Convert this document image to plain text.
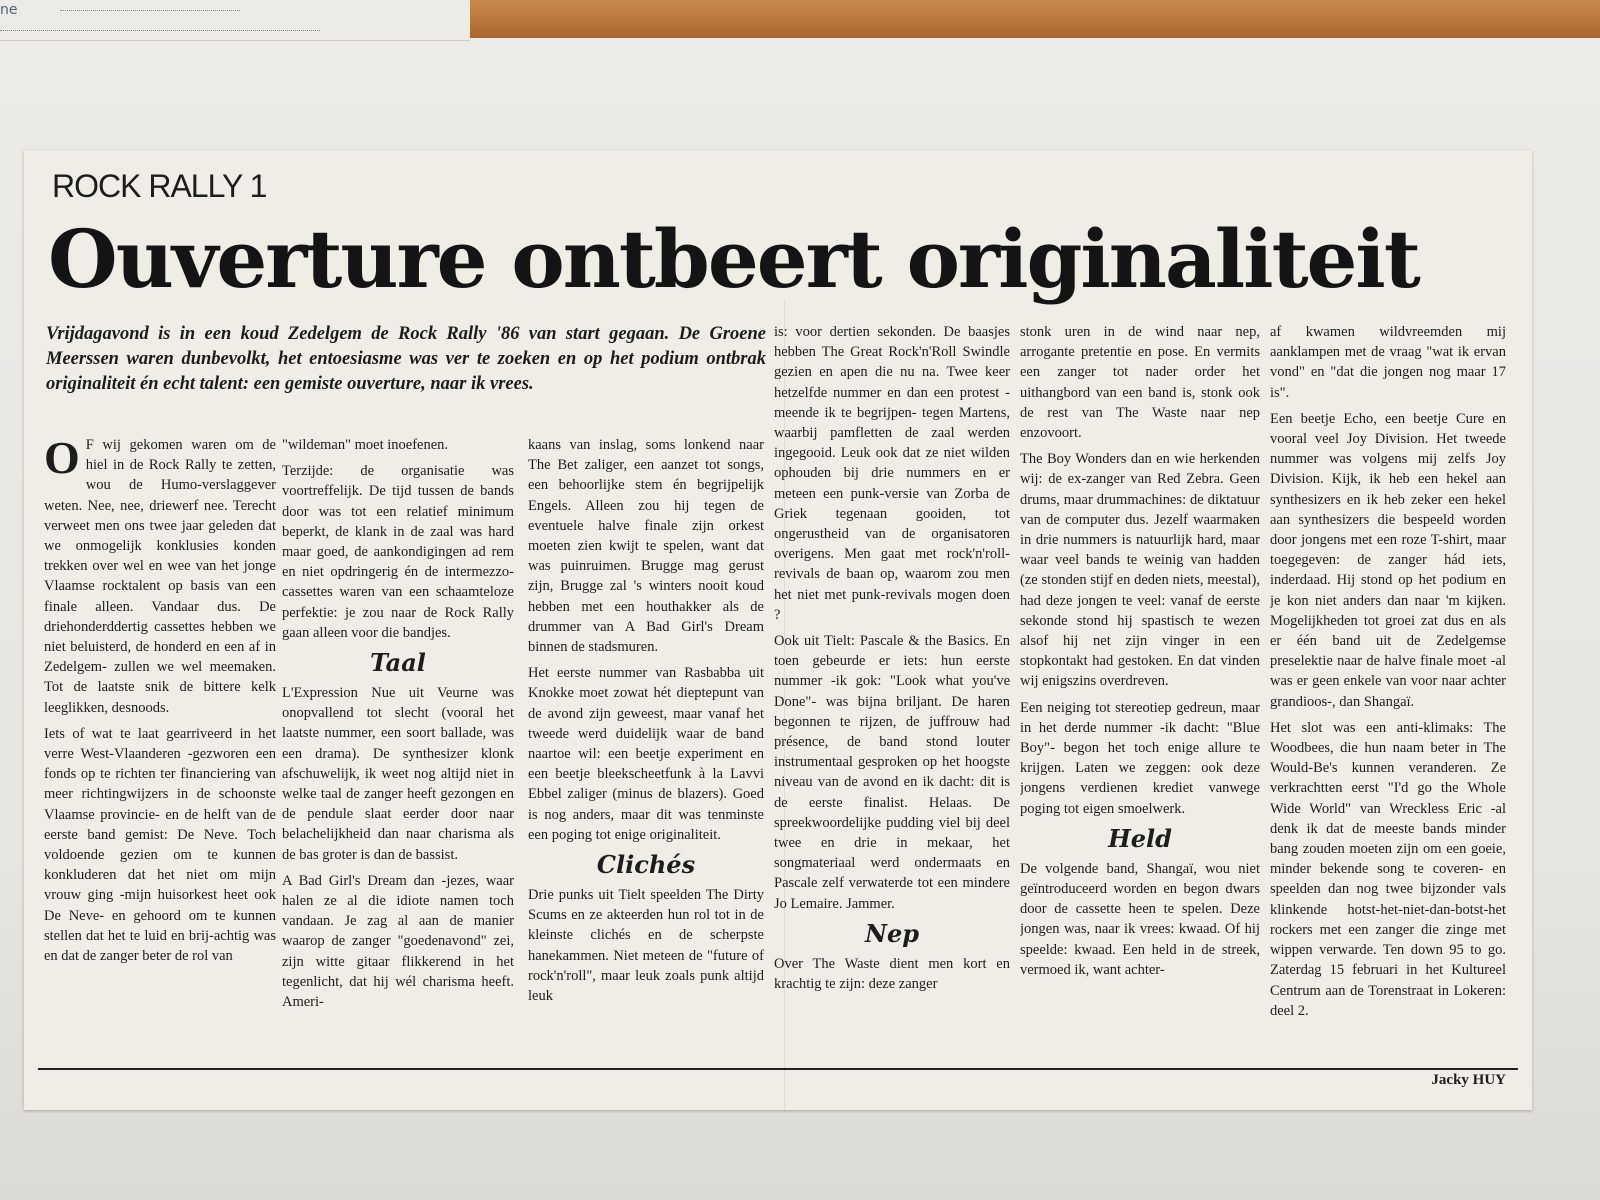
ne
ROCK RALLY 1
Ouverture ontbeert originaliteit
Vrijdagavond is in een koud Zedelgem de Rock Rally '86 van start gegaan. De Groene Meerssen waren dunbevolkt, het entoesiasme was ver te zoeken en op het podium ontbrak originaliteit én echt talent: een gemiste ouverture, naar ik vrees.

O F wij gekomen waren om de hiel in de Rock Rally te zetten, wou de Humo-verslaggever weten. Nee, nee, driewerf nee. Terecht verweet men ons twee jaar geleden dat we onmogelijk konklusies konden trekken over wel en wee van het jonge Vlaamse rocktalent op basis van een finale alleen. Vandaar dus. De driehonderddertig cassettes hebben we niet beluisterd, de honderd en een af in Zedelgem- zullen we wel meemaken. Tot de laatste snik de bittere kelk leeglikken, desnoods.

Iets of wat te laat gearriveerd in het verre West-Vlaanderen -gezworen een fonds op te richten ter financiering van meer richtingwijzers in de schoonste Vlaamse provincie- en de helft van de eerste band gemist: De Neve. Toch voldoende gezien om te kunnen konkluderen dat het niet om mijn vrouw ging -mijn huisorkest heet ook De Neve- en gehoord om te kunnen stellen dat het te luid en brij-achtig was en dat de zanger beter de rol van

"wildeman" moet inoefenen.

Terzijde: de organisatie was voortreffelijk. De tijd tussen de bands door was tot een relatief minimum beperkt, de klank in de zaal was hard maar goed, de aankondigingen ad rem en niet opdringerig én de intermezzo-cassettes waren van een schaamteloze perfektie: je zou naar de Rock Rally gaan alleen voor die bandjes.

Taal

L'Expression Nue uit Veurne was onopvallend tot slecht (vooral het laatste nummer, een soort ballade, was een drama). De synthesizer klonk afschuwelijk, ik weet nog altijd niet in welke taal de zanger heeft gezongen en de pendule slaat eerder door naar belachelijkheid dan naar charisma als de bas groter is dan de bassist.

A Bad Girl's Dream dan -jezes, waar halen ze al die idiote namen toch vandaan. Je zag al aan de manier waarop de zanger "goedenavond" zei, zijn witte gitaar flikkerend in het tegenlicht, dat hij wél charisma heeft. Ameri-

kaans van inslag, soms lonkend naar The Bet zaliger, een aanzet tot songs, een behoorlijke stem én begrijpelijk Engels. Alleen zou hij tegen de eventuele halve finale zijn orkest moeten zien kwijt te spelen, want dat was puinruimen. Brugge mag gerust zijn, Brugge zal 's winters nooit koud hebben met een houthakker als de drummer van A Bad Girl's Dream binnen de stadsmuren.

Het eerste nummer van Rasbabba uit Knokke moet zowat hét dieptepunt van de avond zijn geweest, maar vanaf het tweede werd duidelijk waar de band naartoe wil: een beetje experiment en een beetje bleekscheetfunk à la Lavvi Ebbel zaliger (minus de blazers). Goed is nog anders, maar dit was tenminste een poging tot enige originaliteit.

Clichés

Drie punks uit Tielt speelden The Dirty Scums en ze akteerden hun rol tot in de kleinste clichés en de scherpste hanekammen. Niet meteen de "future of rock'n'roll", maar leuk zoals punk altijd leuk

is: voor dertien sekonden. De baasjes hebben The Great Rock'n'Roll Swindle gezien en apen die nu na. Twee keer hetzelfde nummer en dan een protest -meende ik te begrijpen- tegen Martens, waarbij pamfletten de zaal werden ingegooid. Leuk ook dat ze niet wilden ophouden bij drie nummers en er meteen een punk-versie van Zorba de Griek tegenaan gooiden, tot ongerustheid van de organisatoren overigens. Men gaat met rock'n'roll-revivals de baan op, waarom zou men het niet met punk-revivals mogen doen ?

Ook uit Tielt: Pascale & the Basics. En toen gebeurde er iets: hun eerste nummer -ik gok: "Look what you've Done"- was bijna briljant. De haren begonnen te rijzen, de juffrouw had présence, de band stond louter instrumentaal gesproken op het hoogste niveau van de avond en ik dacht: dit is de eerste finalist. Helaas. De spreekwoordelijke pudding viel bij deel twee en drie in mekaar, het songmateriaal werd ondermaats en Pascale zelf verwaterde tot een mindere Jo Lemaire. Jammer.

Nep

Over The Waste dient men kort en krachtig te zijn: deze zanger

stonk uren in de wind naar nep, arrogante pretentie en pose. En vermits een zanger tot nader order het uithangbord van een band is, stonk ook de rest van The Waste naar nep enzovoort.

The Boy Wonders dan en wie herkenden wij: de ex-zanger van Red Zebra. Geen drums, maar drummachines: de diktatuur van de computer dus. Jezelf waarmaken in drie nummers is natuurlijk hard, maar waar veel bands te weinig van hadden (ze stonden stijf en deden niets, meestal), had deze jongen te veel: vanaf de eerste sekonde stond hij spastisch te wezen alsof hij net zijn vinger in een stopkontakt had gestoken. En dat vinden wij enigszins overdreven.

Een neiging tot stereotiep gedreun, maar in het derde nummer -ik dacht: "Blue Boy"- begon het toch enige allure te krijgen. Laten we zeggen: ook deze jongens verdienen krediet vanwege poging tot eigen smoelwerk.

Held

De volgende band, Shangaï, wou niet geïntroduceerd worden en begon dwars door de cassette heen te spelen. Deze jongen was, naar ik vrees: kwaad. Of hij speelde: kwaad. Een held in de streek, vermoed ik, want achter-

af kwamen wildvreemden mij aanklampen met de vraag "wat ik ervan vond" en "dat die jongen nog maar 17 is".

Een beetje Echo, een beetje Cure en vooral veel Joy Division. Het tweede nummer was volgens mij zelfs Joy Division. Kijk, ik heb een hekel aan synthesizers en ik heb zeker een hekel aan synthesizers die bespeeld worden door jongens met een roze T-shirt, maar toegegeven: de zanger hád iets, inderdaad. Hij stond op het podium en je kon niet anders dan naar 'm kijken. Mogelijkheden tot groei zat dus en als er één band uit de Zedelgemse preselektie naar de halve finale moet -al was er geen enkele van voor naar achter grandioos-, dan Shangaï.

Het slot was een anti-klimaks: The Woodbees, die hun naam beter in The Would-Be's kunnen veranderen. Ze verkrachtten eerst "I'd go the Whole Wide World" van Wreckless Eric -al denk ik dat de meeste bands minder bang zouden moeten zijn om een goeie, minder bekende song te coveren- en speelden dan nog twee bijzonder vals klinkende hotst-het-niet-dan-botst-het rockers met een zanger die zinge met wippen verwarde. Ten down 95 to go. Zaterdag 15 februari in het Kultureel Centrum aan de Torenstraat in Lokeren: deel 2.

Jacky HUY
